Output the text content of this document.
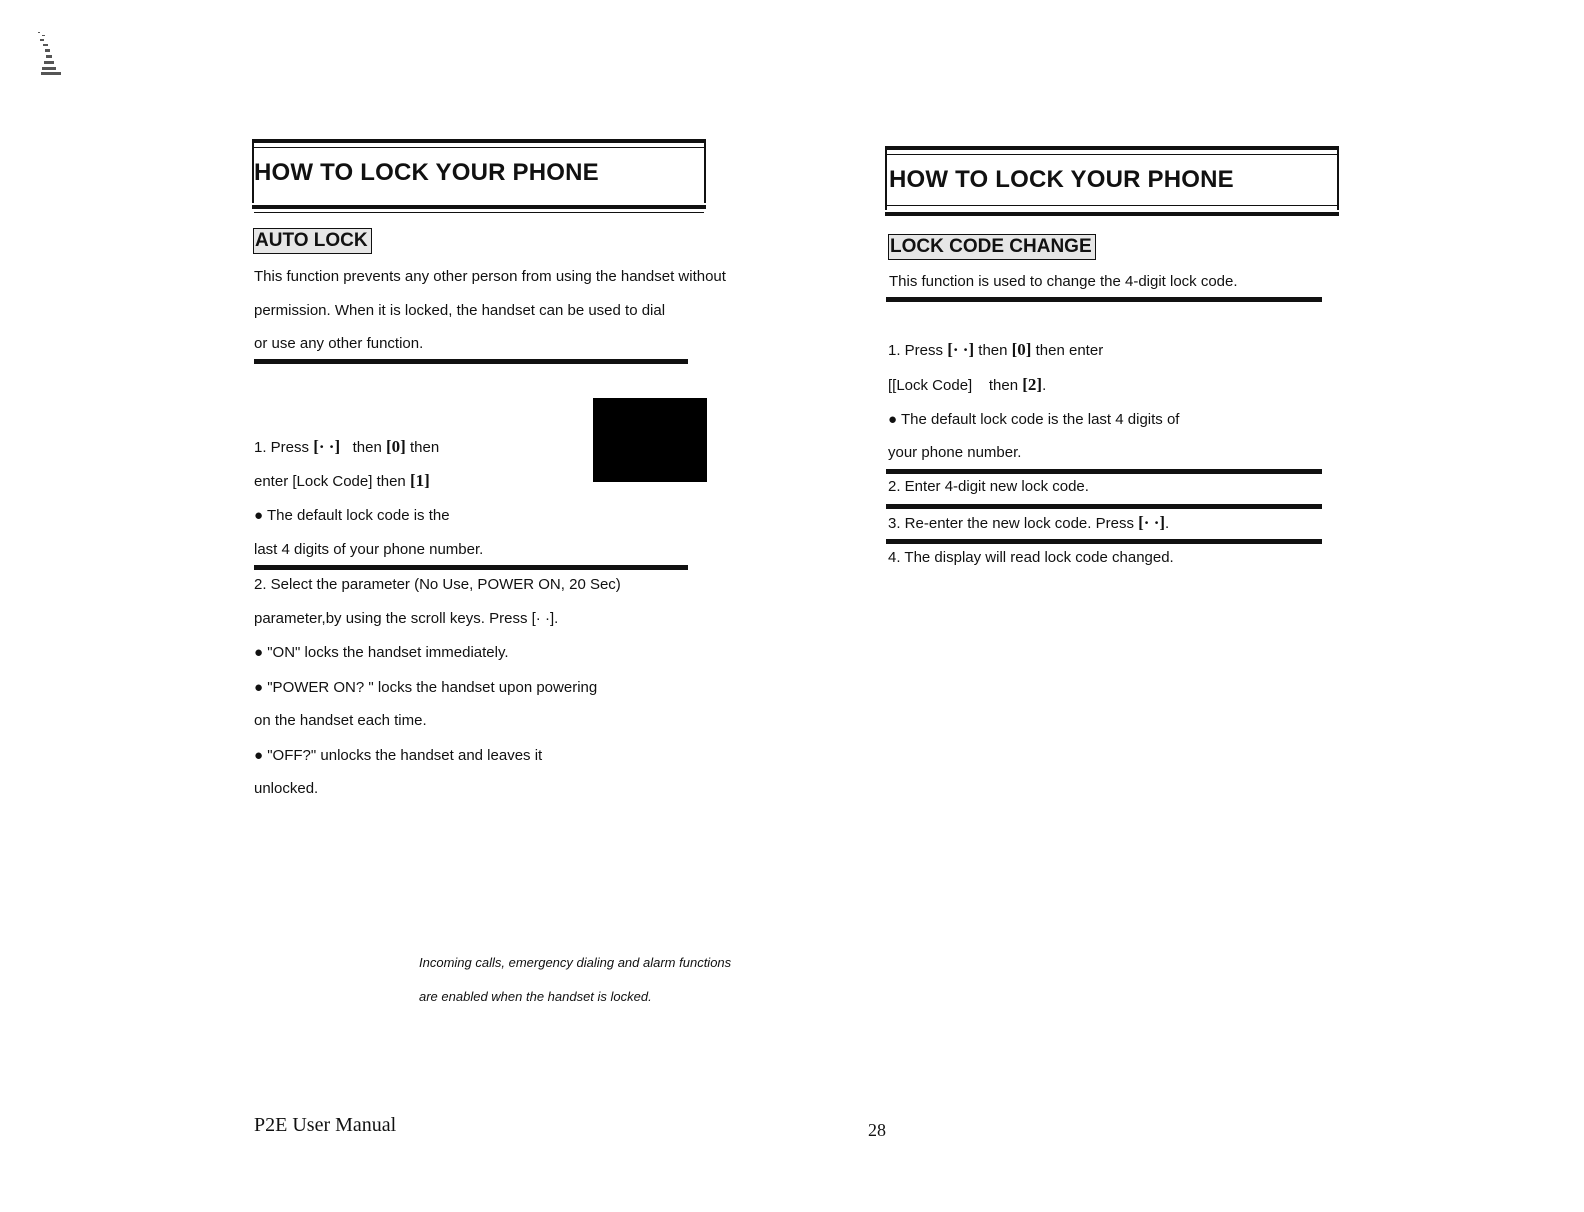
HOW TO LOCK YOUR PHONE
AUTO LOCK
This function prevents any other person from using the handset without
permission. When it is locked, the handset can be used to dial
or use any other function.
1. Press [· ·]   then [0] then
enter [Lock Code] then [1]
● The default lock code is the
last 4 digits of your phone number.
2. Select the parameter (No Use, POWER ON, 20 Sec)
parameter,by using the scroll keys. Press [· ·].
● "ON" locks the handset immediately.
● "POWER ON? " locks the handset upon powering
on the handset each time.
● "OFF?" unlocks the handset and leaves it
unlocked.
Incoming calls, emergency dialing and alarm functions
are enabled when the handset is locked.
P2E User Manual
HOW TO LOCK YOUR PHONE
LOCK CODE CHANGE
This function is used to change the 4-digit lock code.
1. Press [· ·] then [0] then enter
[[Lock Code]    then [2].
● The default lock code is the last 4 digits of
your phone number.
2. Enter 4-digit new lock code.
3. Re-enter the new lock code. Press [· ·].
4. The display will read lock code changed.
28
